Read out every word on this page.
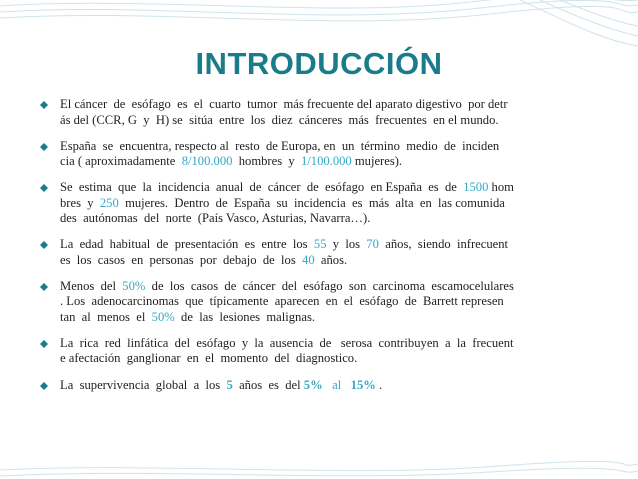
INTRODUCCIÓN
El cáncer  de  esófago  es  el  cuarto  tumor  más frecuente del aparato digestivo  por detr
ás del (CCR, G  y  H) se  sitúa  entre  los  diez  cánceres  más  frecuentes  en el mundo.
España  se  encuentra, respecto al  resto  de Europa, en  un  término  medio  de  inciden
cia ( aproximadamente  8/100.000  hombres  y  1/100.000 mujeres).
Se  estima  que  la  incidencia  anual  de  cáncer  de  esófago  en España  es  de  1500 hom
bres  y  250  mujeres.  Dentro  de  España  su  incidencia  es  más  alta  en  las comunida
des  autónomas  del  norte  (País Vasco, Asturias, Navarra…).
La  edad  habitual  de  presentación  es  entre  los  55  y  los  70  años,  siendo  infrecuent
es  los  casos  en  personas  por  debajo  de  los  40  años.
Menos  del  50%  de  los  casos  de  cáncer  del  esófago  son  carcinoma  escamocelulares
. Los  adenocarcinomas  que  típicamente  aparecen  en  el  esófago  de  Barrett represen
tan  al  menos  el  50%  de  las  lesiones  malignas.
La  rica  red  linfática  del  esófago  y  la  ausencia  de   serosa  contribuyen  a  la  frecuent
e afectación  ganglionar  en  el  momento  del  diagnostico.
La  supervivencia  global  a  los  5  años  es  del 5% al 15% .
